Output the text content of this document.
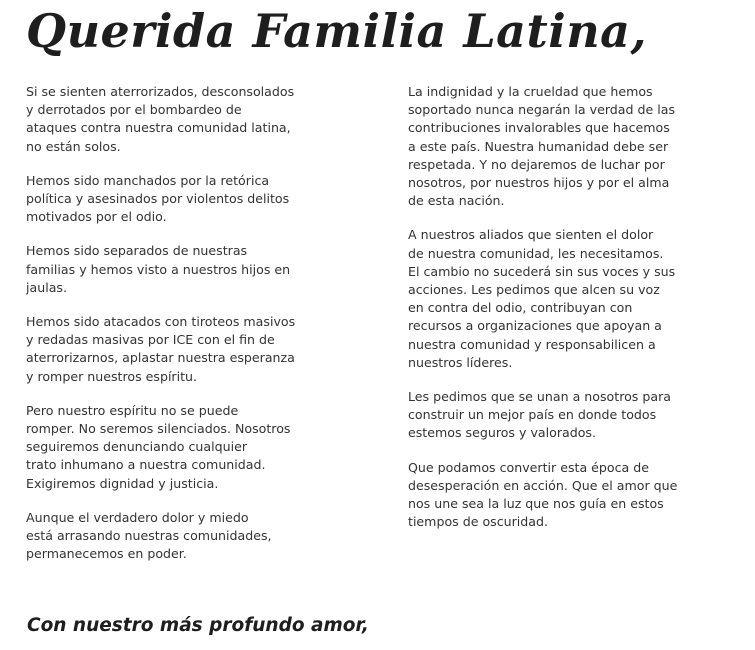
Querida Familia Latina,

Si se sienten aterrorizados, desconsolados
y derrotados por el bombardeo de
ataques contra nuestra comunidad latina,
no están solos.

Hemos sido manchados por la retórica
política y asesinados por violentos delitos
motivados por el odio.

Hemos sido separados de nuestras
familias y hemos visto a nuestros hijos en
jaulas.

Hemos sido atacados con tiroteos masivos
y redadas masivas por ICE con el fin de
aterrorizarnos, aplastar nuestra esperanza
y romper nuestros espíritu.

Pero nuestro espíritu no se puede
romper. No seremos silenciados. Nosotros
seguiremos denunciando cualquier
trato inhumano a nuestra comunidad.
Exigiremos dignidad y justicia.

Aunque el verdadero dolor y miedo
está arrasando nuestras comunidades,
permanecemos en poder.

La indignidad y la crueldad que hemos
soportado nunca negarán la verdad de las
contribuciones invalorables que hacemos
a este país. Nuestra humanidad debe ser
respetada. Y no dejaremos de luchar por
nosotros, por nuestros hijos y por el alma
de esta nación.

A nuestros aliados que sienten el dolor
de nuestra comunidad, les necesitamos.
El cambio no sucederá sin sus voces y sus
acciones. Les pedimos que alcen su voz
en contra del odio, contribuyan con
recursos a organizaciones que apoyan a
nuestra comunidad y responsabilicen a
nuestros líderes.

Les pedimos que se unan a nosotros para
construir un mejor país en donde todos
estemos seguros y valorados.

Que podamos convertir esta época de
desesperación en acción. Que el amor que
nos une sea la luz que nos guía en estos
tiempos de oscuridad.

Con nuestro más profundo amor,
